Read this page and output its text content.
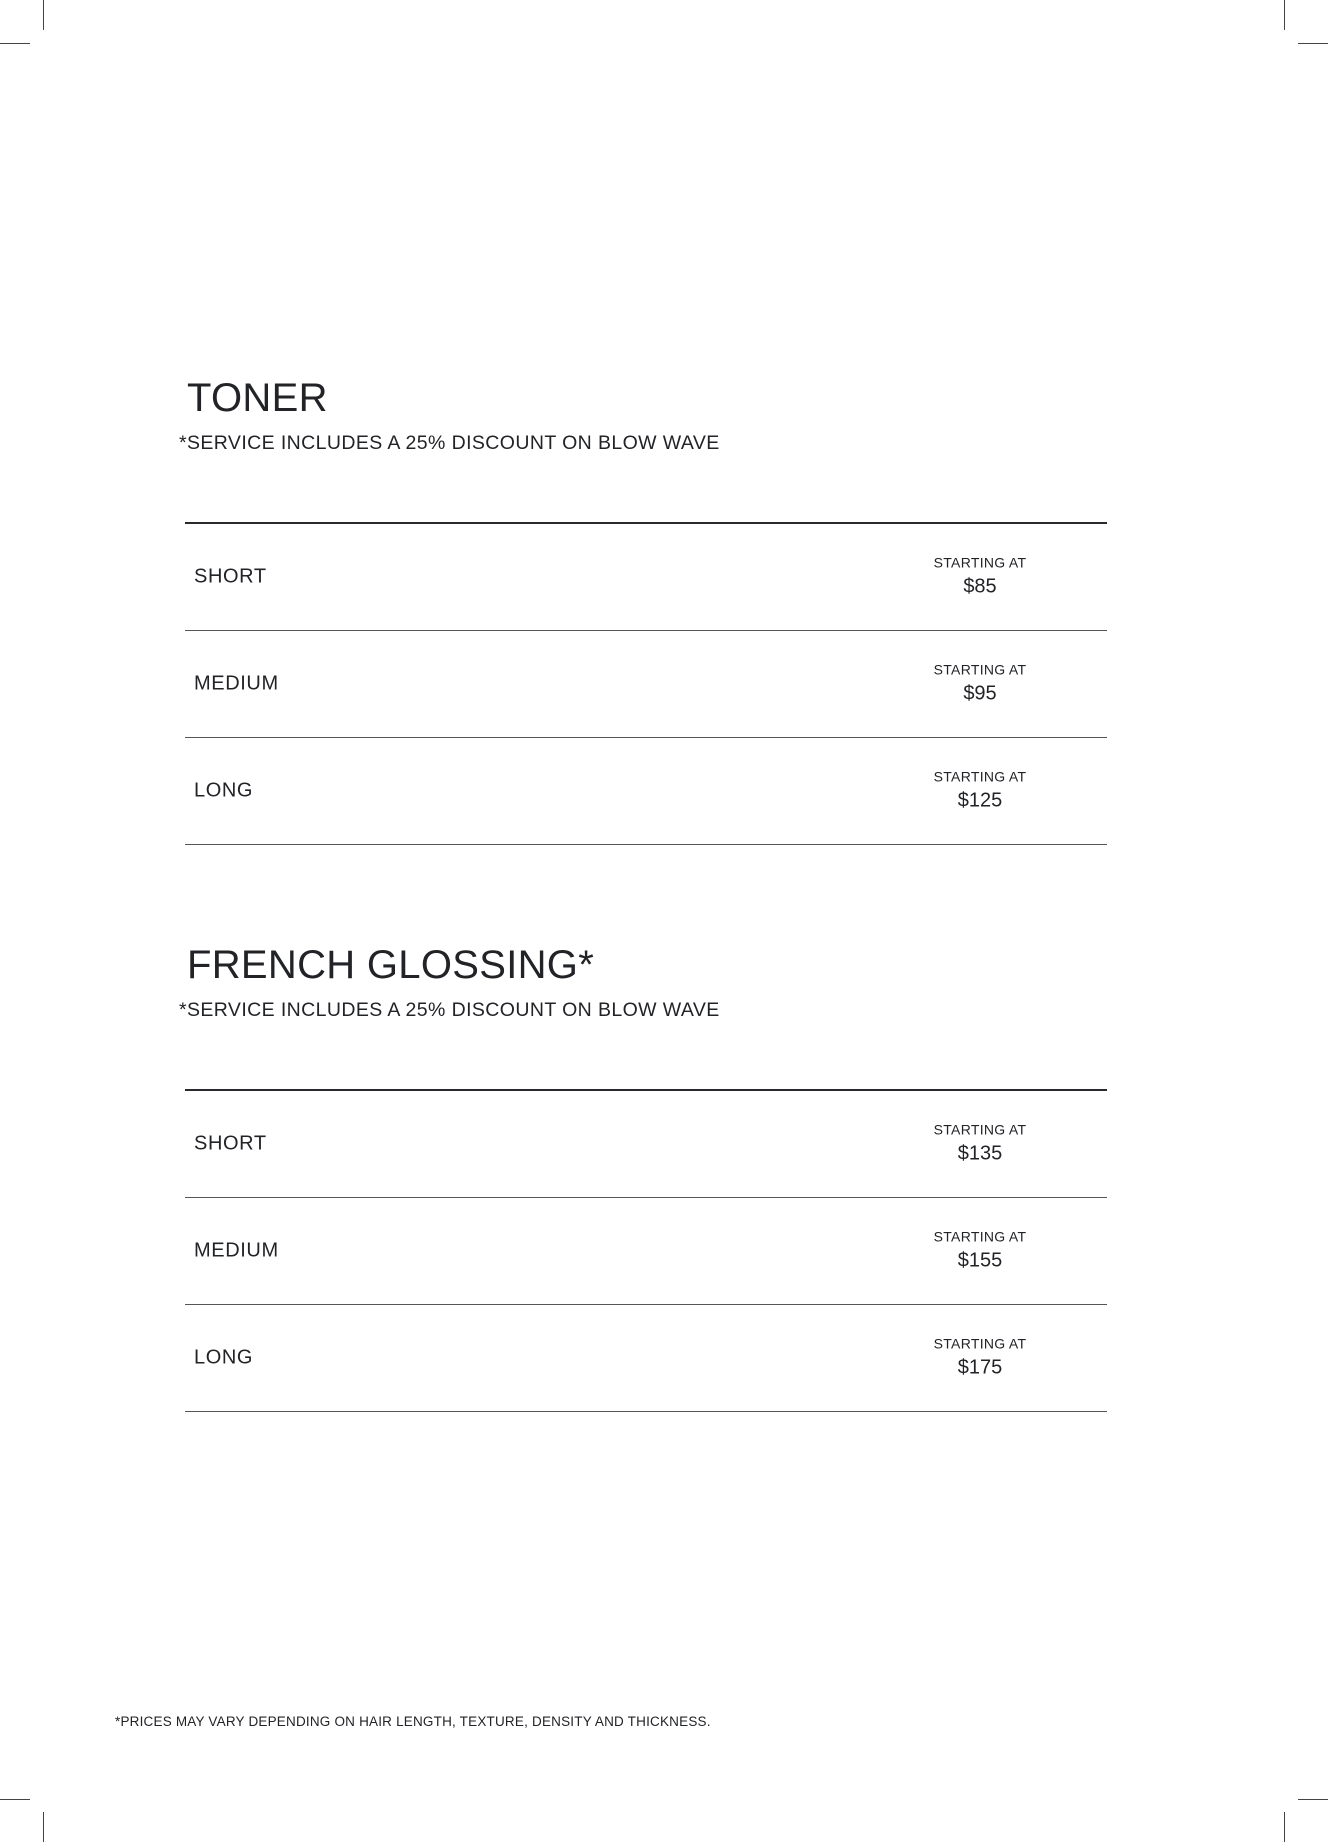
TONER
*SERVICE INCLUDES A 25% DISCOUNT ON BLOW WAVE
SHORT
STARTING AT
$85
MEDIUM
STARTING AT
$95
LONG
STARTING AT
$125
FRENCH GLOSSING*
*SERVICE INCLUDES A 25% DISCOUNT ON BLOW WAVE
SHORT
STARTING AT
$135
MEDIUM
STARTING AT
$155
LONG
STARTING AT
$175
*PRICES MAY VARY DEPENDING ON HAIR LENGTH, TEXTURE, DENSITY AND THICKNESS.
